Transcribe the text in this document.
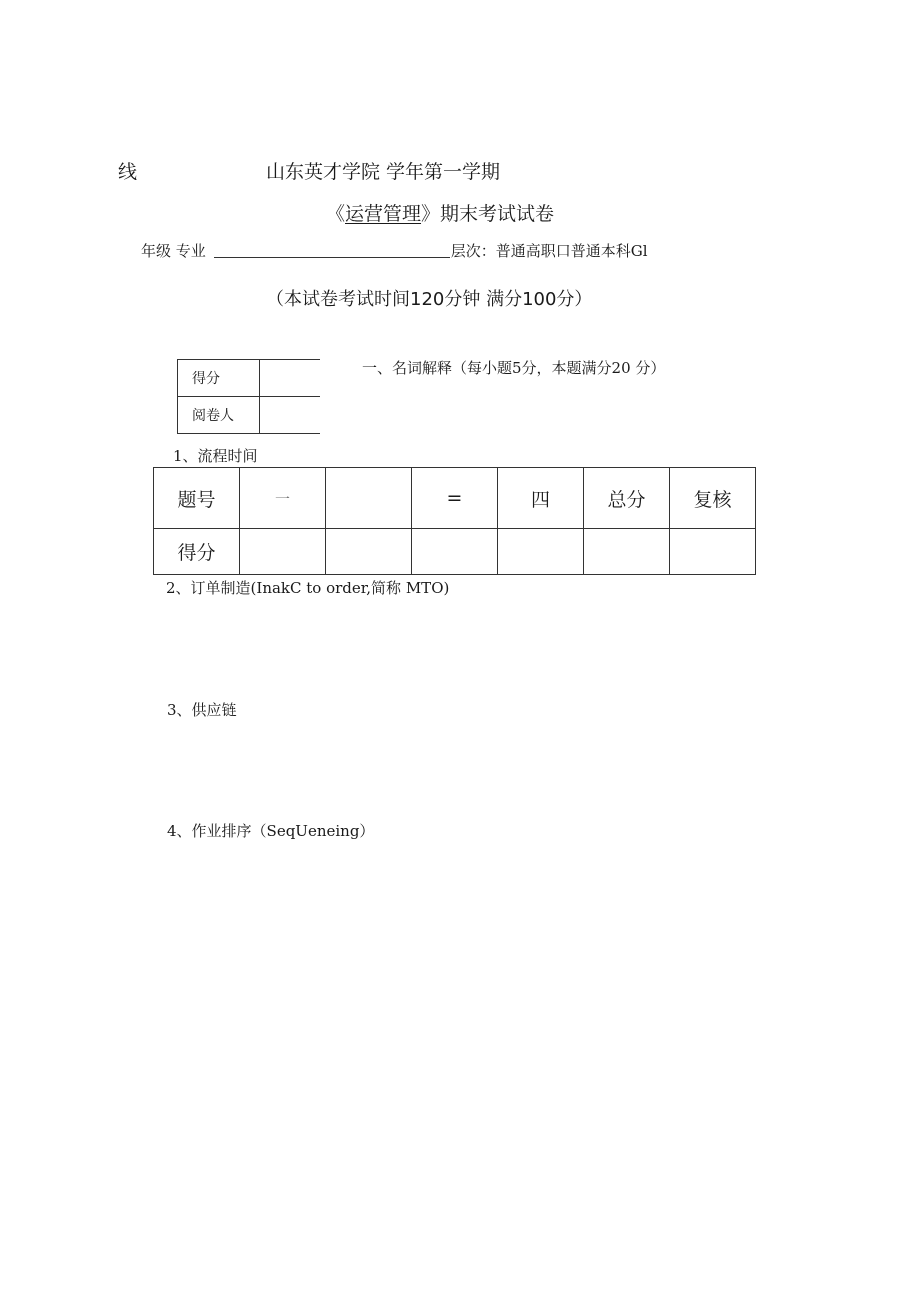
线	山东英才学院 学年第一学期
《运营管理》期末考试试卷
年级 专业	层次：普通高职口普通本科Gl
（本试卷考试时间120分钟 满分100分）
得分	
阅卷人	
一、名词解释（每小题5分，本题满分20 分）
1、流程时间
题号	一		=	四	总分	复核
得分						
2、订单制造(InakC to order,简称 MTO)
3、供应链
4、作业排序（SeqUeneing）
